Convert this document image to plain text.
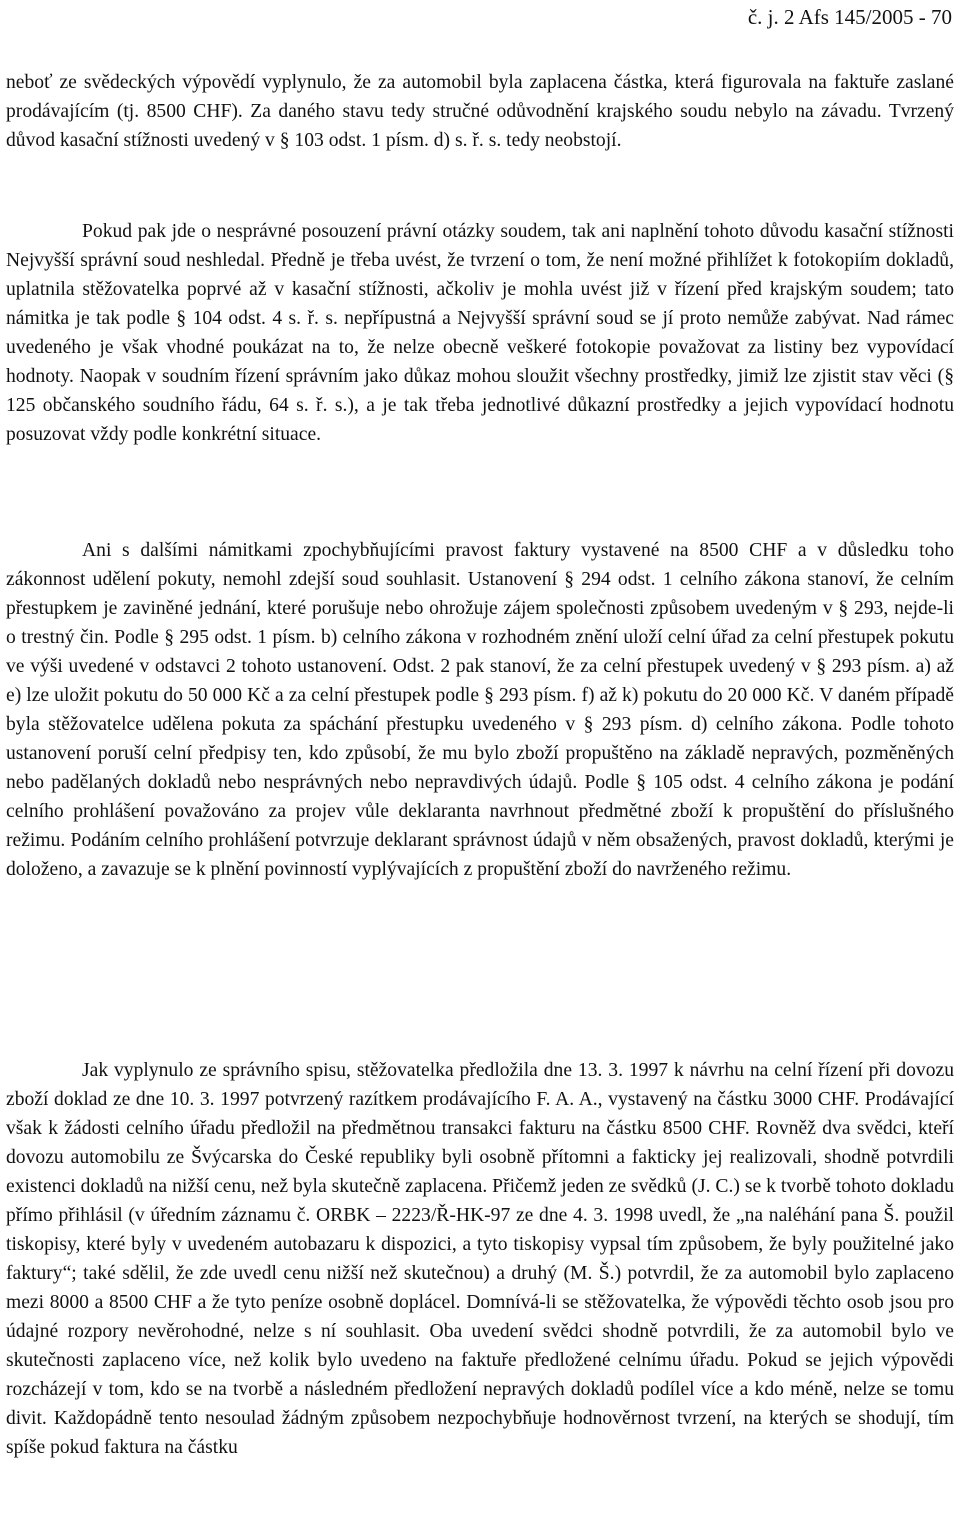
č. j. 2 Afs 145/2005 - 70

neboť ze svědeckých výpovědí vyplynulo, že za automobil byla zaplacena částka, která figurovala na faktuře zaslané prodávajícím (tj. 8500 CHF). Za daného stavu tedy stručné odůvodnění krajského soudu nebylo na závadu. Tvrzený důvod kasační stížnosti uvedený v § 103 odst. 1 písm. d) s. ř. s. tedy neobstojí.

Pokud pak jde o nesprávné posouzení právní otázky soudem, tak ani naplnění tohoto důvodu kasační stížnosti Nejvyšší správní soud neshledal. Předně je třeba uvést, že tvrzení o tom, že není možné přihlížet k fotokopiím dokladů, uplatnila stěžovatelka poprvé až v kasační stížnosti, ačkoliv je mohla uvést již v řízení před krajským soudem; tato námitka je tak podle § 104 odst. 4 s. ř. s. nepřípustná a Nejvyšší správní soud se jí proto nemůže zabývat. Nad rámec uvedeného je však vhodné poukázat na to, že nelze obecně veškeré fotokopie považovat za listiny bez vypovídací hodnoty. Naopak v soudním řízení správním jako důkaz mohou sloužit všechny prostředky, jimiž lze zjistit stav věci (§ 125 občanského soudního řádu, 64 s. ř. s.), a je tak třeba jednotlivé důkazní prostředky a jejich vypovídací hodnotu posuzovat vždy podle konkrétní situace.

Ani s dalšími námitkami zpochybňujícími pravost faktury vystavené na 8500 CHF a v důsledku toho zákonnost udělení pokuty, nemohl zdejší soud souhlasit. Ustanovení § 294 odst. 1 celního zákona stanoví, že celním přestupkem je zaviněné jednání, které porušuje nebo ohrožuje zájem společnosti způsobem uvedeným v § 293, nejde-li o trestný čin. Podle § 295 odst. 1 písm. b) celního zákona v rozhodném znění uloží celní úřad za celní přestupek pokutu ve výši uvedené v odstavci 2 tohoto ustanovení. Odst. 2 pak stanoví, že za celní přestupek uvedený v § 293 písm. a) až e) lze uložit pokutu do 50 000 Kč a za celní přestupek podle § 293 písm. f) až k) pokutu do 20 000 Kč. V daném případě byla stěžovatelce udělena pokuta za spáchání přestupku uvedeného v § 293 písm. d) celního zákona. Podle tohoto ustanovení poruší celní předpisy ten, kdo způsobí, že mu bylo zboží propuštěno na základě nepravých, pozměněných nebo padělaných dokladů nebo nesprávných nebo nepravdivých údajů. Podle § 105 odst. 4 celního zákona je podání celního prohlášení považováno za projev vůle deklaranta navrhnout předmětné zboží k propuštění do příslušného režimu. Podáním celního prohlášení potvrzuje deklarant správnost údajů v něm obsažených, pravost dokladů, kterými je doloženo, a zavazuje se k plnění povinností vyplývajících z propuštění zboží do navrženého režimu.

Jak vyplynulo ze správního spisu, stěžovatelka předložila dne 13. 3. 1997 k návrhu na celní řízení při dovozu zboží doklad ze dne 10. 3. 1997 potvrzený razítkem prodávajícího F. A. A., vystavený na částku 3000 CHF. Prodávající však k žádosti celního úřadu předložil na předmětnou transakci fakturu na částku 8500 CHF. Rovněž dva svědci, kteří dovozu automobilu ze Švýcarska do České republiky byli osobně přítomni a fakticky jej realizovali, shodně potvrdili existenci dokladů na nižší cenu, než byla skutečně zaplacena. Přičemž jeden ze svědků (J. C.) se k tvorbě tohoto dokladu přímo přihlásil (v úředním záznamu č. ORBK – 2223/Ř-HK-97 ze dne 4. 3. 1998 uvedl, že „na naléhání pana Š. použil tiskopisy, které byly v uvedeném autobazaru k dispozici, a tyto tiskopisy vypsal tím způsobem, že byly použitelné jako faktury“; také sdělil, že zde uvedl cenu nižší než skutečnou) a druhý (M. Š.) potvrdil, že za automobil bylo zaplaceno mezi 8000 a 8500 CHF a že tyto peníze osobně doplácel. Domnívá-li se stěžovatelka, že výpovědi těchto osob jsou pro údajné rozpory nevěrohodné, nelze s ní souhlasit. Oba uvedení svědci shodně potvrdili, že za automobil bylo ve skutečnosti zaplaceno více, než kolik bylo uvedeno na faktuře předložené celnímu úřadu. Pokud se jejich výpovědi rozcházejí v tom, kdo se na tvorbě a následném předložení nepravých dokladů podílel více a kdo méně, nelze se tomu divit. Každopádně tento nesoulad žádným způsobem nezpochybňuje hodnověrnost tvrzení, na kterých se shodují, tím spíše pokud faktura na částku
